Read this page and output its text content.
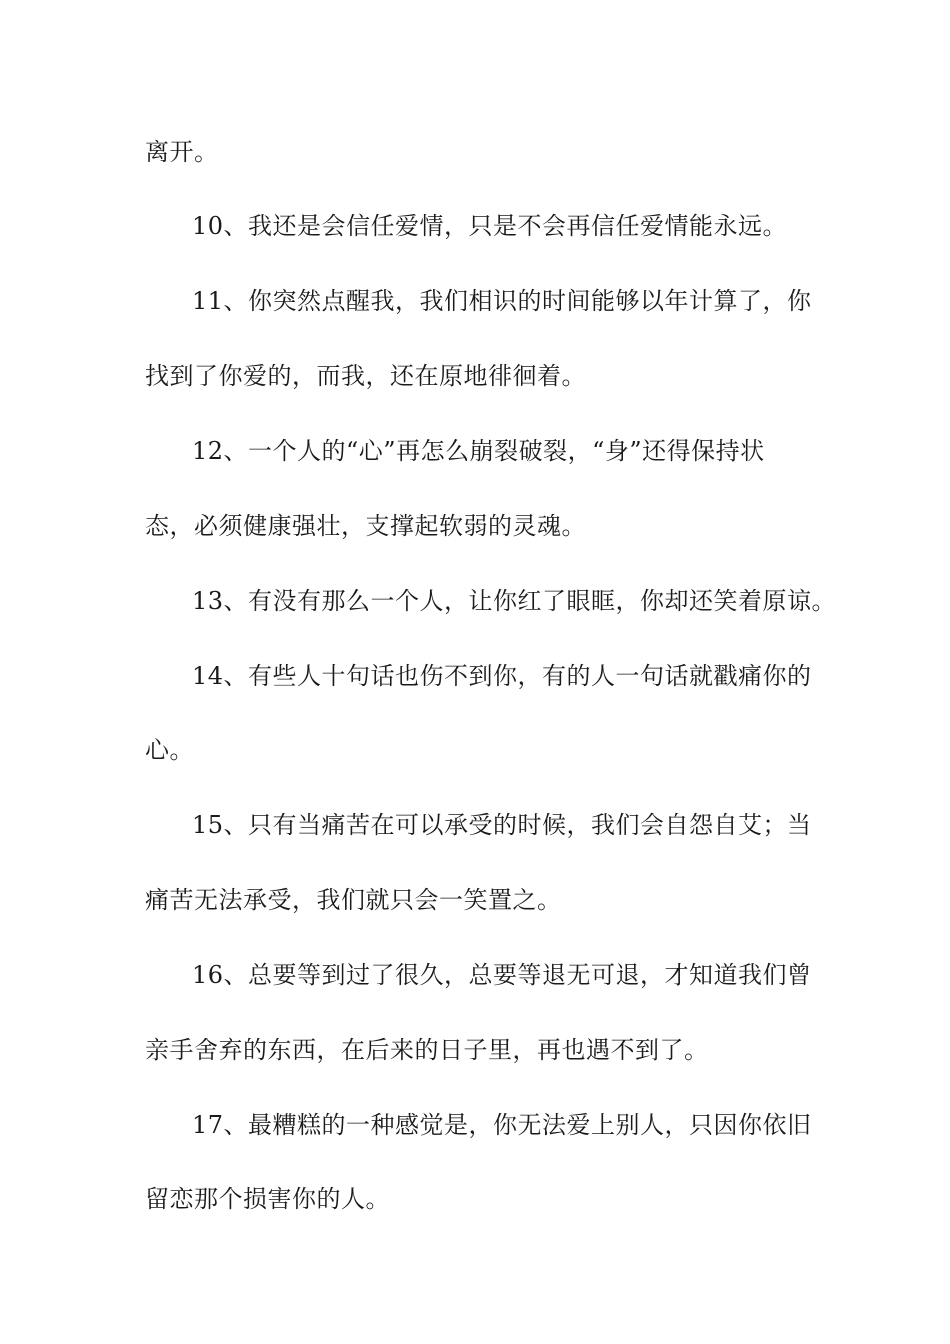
离开。
10、我还是会信任爱情，只是不会再信任爱情能永远。
11、你突然点醒我，我们相识的时间能够以年计算了，你
找到了你爱的，而我，还在原地徘徊着。
12、一个人的“心”再怎么崩裂破裂，“身”还得保持状
态，必须健康强壮，支撑起软弱的灵魂。
13、有没有那么一个人，让你红了眼眶，你却还笑着原谅。
14、有些人十句话也伤不到你，有的人一句话就戳痛你的
心。
15、只有当痛苦在可以承受的时候，我们会自怨自艾；当
痛苦无法承受，我们就只会一笑置之。
16、总要等到过了很久，总要等退无可退，才知道我们曾
亲手舍弃的东西，在后来的日子里，再也遇不到了。
17、最糟糕的一种感觉是，你无法爱上别人，只因你依旧
留恋那个损害你的人。
